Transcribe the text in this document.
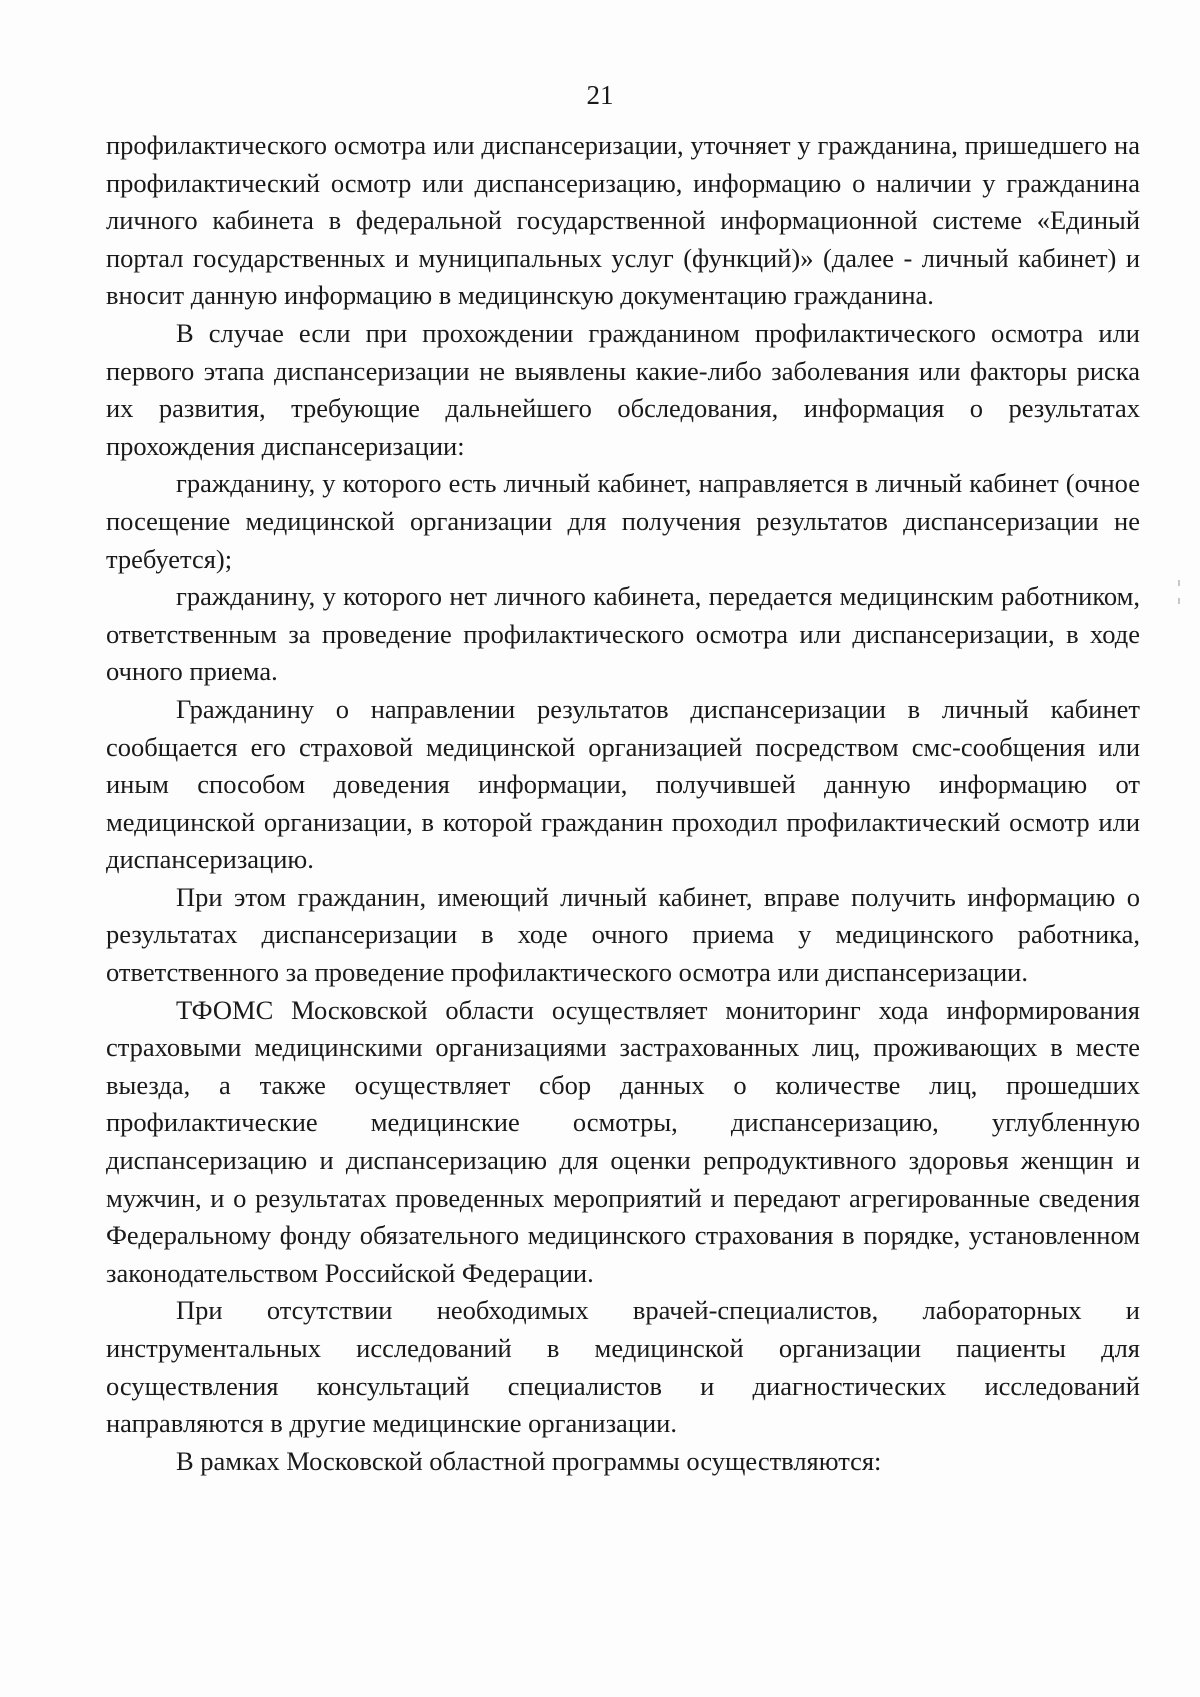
21

профилактического осмотра или диспансеризации, уточняет у гражданина, пришедшего на профилактический осмотр или диспансеризацию, информацию о наличии у гражданина личного кабинета в федеральной государственной информационной системе «Единый портал государственных и муниципальных услуг (функций)» (далее - личный кабинет) и вносит данную информацию в медицинскую документацию гражданина.

В случае если при прохождении гражданином профилактического осмотра или первого этапа диспансеризации не выявлены какие-либо заболевания или факторы риска их развития, требующие дальнейшего обследования, информация о результатах прохождения диспансеризации:

гражданину, у которого есть личный кабинет, направляется в личный кабинет (очное посещение медицинской организации для получения результатов диспансеризации не требуется);

гражданину, у которого нет личного кабинета, передается медицинским работником, ответственным за проведение профилактического осмотра или диспансеризации, в ходе очного приема.

Гражданину о направлении результатов диспансеризации в личный кабинет сообщается его страховой медицинской организацией посредством смс-сообщения или иным способом доведения информации, получившей данную информацию от медицинской организации, в которой гражданин проходил профилактический осмотр или диспансеризацию.

При этом гражданин, имеющий личный кабинет, вправе получить информацию о результатах диспансеризации в ходе очного приема у медицинского работника, ответственного за проведение профилактического осмотра или диспансеризации.

ТФОМС Московской области осуществляет мониторинг хода информирования страховыми медицинскими организациями застрахованных лиц, проживающих в месте выезда, а также осуществляет сбор данных о количестве лиц, прошедших профилактические медицинские осмотры, диспансеризацию, углубленную диспансеризацию и диспансеризацию для оценки репродуктивного здоровья женщин и мужчин, и о результатах проведенных мероприятий и передают агрегированные сведения Федеральному фонду обязательного медицинского страхования в порядке, установленном законодательством Российской Федерации.

При отсутствии необходимых врачей-специалистов, лабораторных и инструментальных исследований в медицинской организации пациенты для осуществления консультаций специалистов и диагностических исследований направляются в другие медицинские организации.

В рамках Московской областной программы осуществляются:
